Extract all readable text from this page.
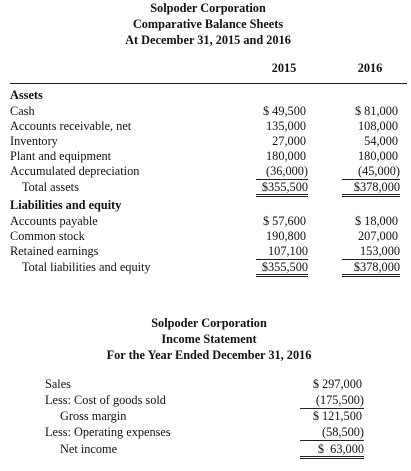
Solpoder Corporation
Comparative Balance Sheets
At December 31, 2015 and 2016
2015	2016
Assets
Cash	$ 49,500	$ 81,000
Accounts receivable, net	135,000	108,000
Inventory	27,000	54,000
Plant and equipment	180,000	180,000
Accumulated depreciation	(36,000)	(45,000)
Total assets	$355,500	$378,000
Liabilities and equity
Accounts payable	$ 57,600	$ 18,000
Common stock	190,800	207,000
Retained earnings	107,100	153,000
Total liabilities and equity	$355,500	$378,000
Solpoder Corporation
Income Statement
For the Year Ended December 31, 2016
Sales	$ 297,000
Less: Cost of goods sold	(175,500)
Gross margin	$ 121,500
Less: Operating expenses	(58,500)
Net income	$  63,000
